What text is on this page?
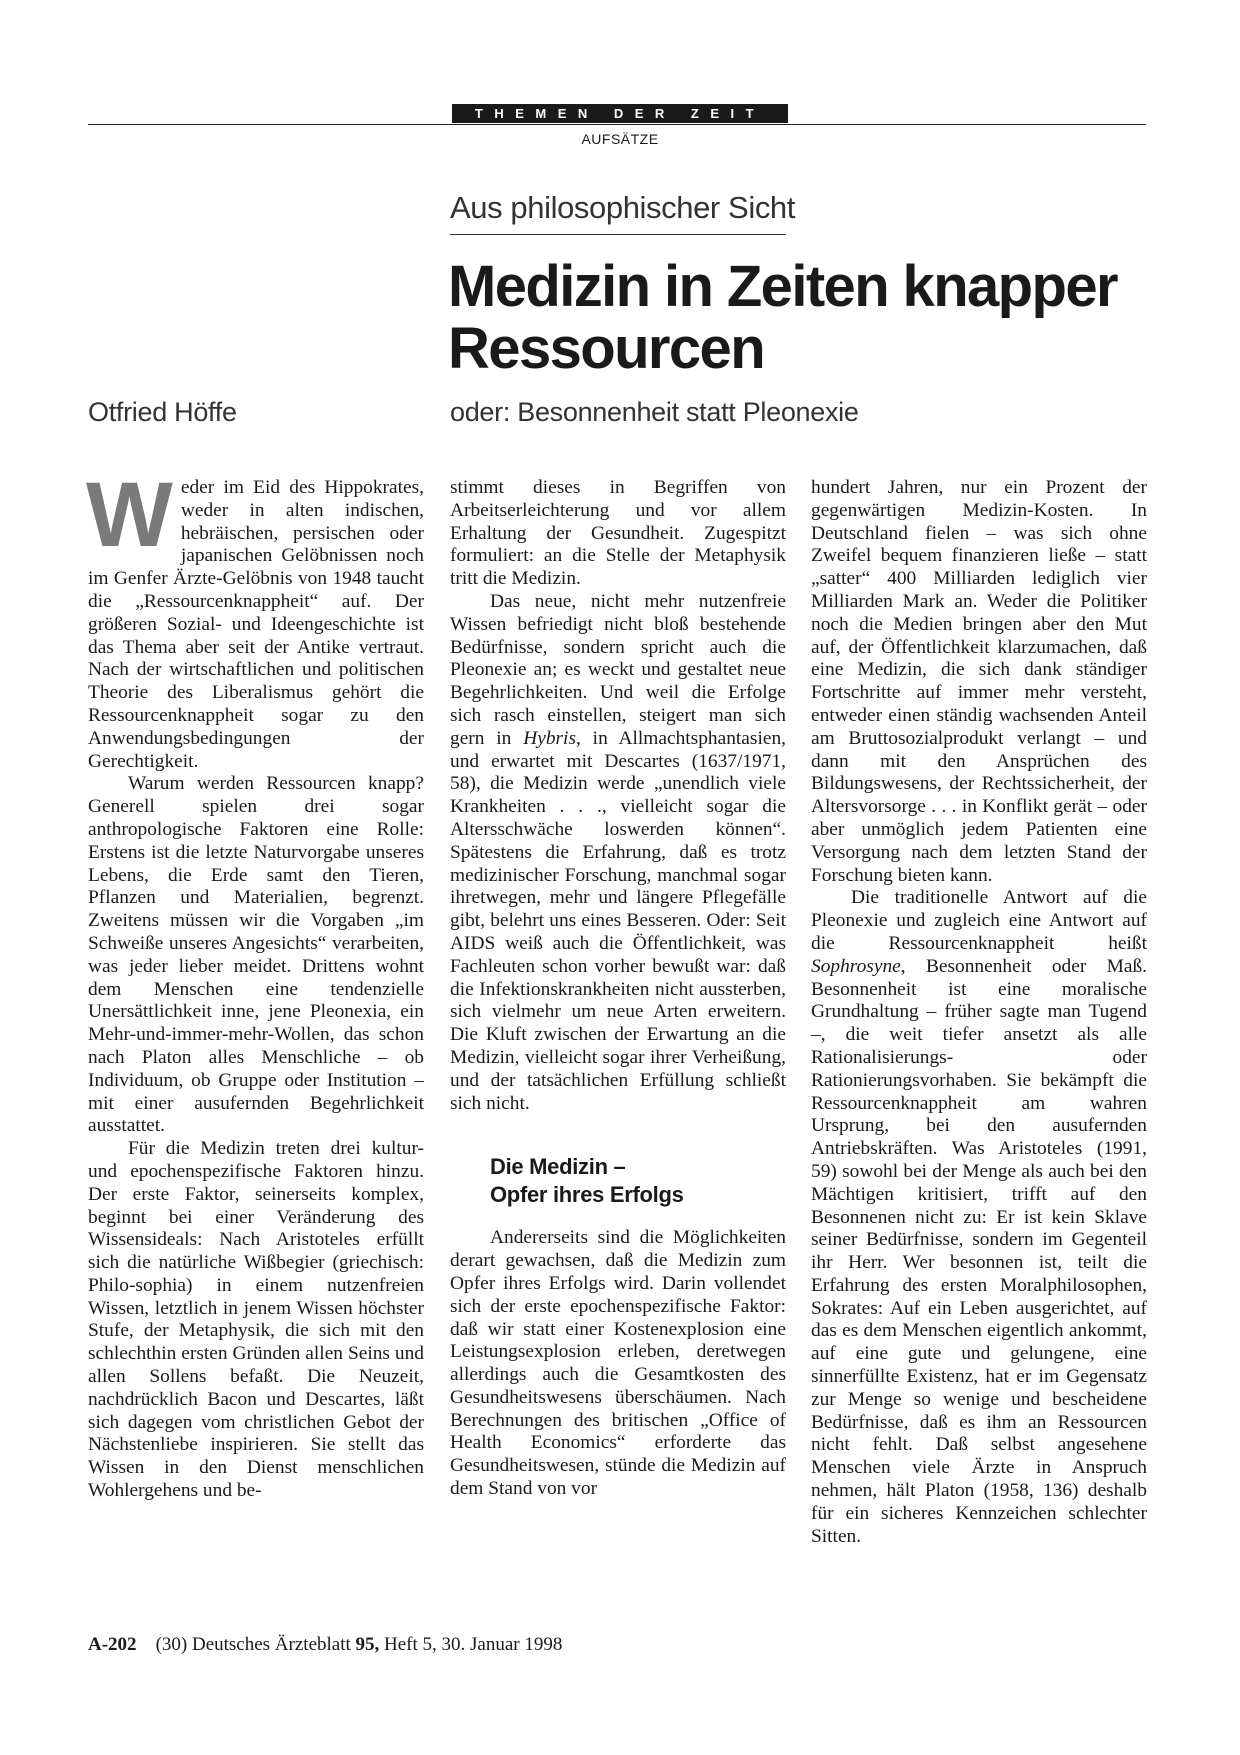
THEMEN DER ZEIT
AUFSÄTZE
Aus philosophischer Sicht
Medizin in Zeiten knapper
Ressourcen
oder: Besonnenheit statt Pleonexie
Otfried Höffe

Weder im Eid des Hippokrates, weder in alten indischen, hebräischen, persischen oder japanischen Gelöbnissen noch im Genfer Ärzte-Gelöbnis von 1948 taucht die „Ressourcenknappheit“ auf. Der größeren Sozial- und Ideengeschichte ist das Thema aber seit der Antike vertraut. Nach der wirtschaftlichen und politischen Theorie des Liberalismus gehört die Ressourcenknappheit sogar zu den Anwendungsbedingungen der Gerechtigkeit.

Warum werden Ressourcen knapp? Generell spielen drei sogar anthropologische Faktoren eine Rolle: Erstens ist die letzte Naturvorgabe unseres Lebens, die Erde samt den Tieren, Pflanzen und Materialien, begrenzt. Zweitens müssen wir die Vorgaben „im Schweiße unseres Angesichts“ verarbeiten, was jeder lieber meidet. Drittens wohnt dem Menschen eine tendenzielle Unersättlichkeit inne, jene Pleonexia, ein Mehr-und-immer-mehr-Wollen, das schon nach Platon alles Menschliche – ob Individuum, ob Gruppe oder Institution – mit einer ausufernden Begehrlichkeit ausstattet.

Für die Medizin treten drei kultur- und epochenspezifische Faktoren hinzu. Der erste Faktor, seinerseits komplex, beginnt bei einer Veränderung des Wissensideals: Nach Aristoteles erfüllt sich die natürliche Wißbegier (griechisch: Philo-sophia) in einem nutzenfreien Wissen, letztlich in jenem Wissen höchster Stufe, der Metaphysik, die sich mit den schlechthin ersten Gründen allen Seins und allen Sollens befaßt. Die Neuzeit, nachdrücklich Bacon und Descartes, läßt sich dagegen vom christlichen Gebot der Nächstenliebe inspirieren. Sie stellt das Wissen in den Dienst menschlichen Wohlergehens und be-

stimmt dieses in Begriffen von Arbeitserleichterung und vor allem Erhaltung der Gesundheit. Zugespitzt formuliert: an die Stelle der Metaphysik tritt die Medizin.

Das neue, nicht mehr nutzenfreie Wissen befriedigt nicht bloß bestehende Bedürfnisse, sondern spricht auch die Pleonexie an; es weckt und gestaltet neue Begehrlichkeiten. Und weil die Erfolge sich rasch einstellen, steigert man sich gern in Hybris, in Allmachtsphantasien, und erwartet mit Descartes (1637/1971, 58), die Medizin werde „unendlich viele Krankheiten . . ., vielleicht sogar die Altersschwäche loswerden können“. Spätestens die Erfahrung, daß es trotz medizinischer Forschung, manchmal sogar ihretwegen, mehr und längere Pflegefälle gibt, belehrt uns eines Besseren. Oder: Seit AIDS weiß auch die Öffentlichkeit, was Fachleuten schon vorher bewußt war: daß die Infektionskrankheiten nicht aussterben, sich vielmehr um neue Arten erweitern. Die Kluft zwischen der Erwartung an die Medizin, vielleicht sogar ihrer Verheißung, und der tatsächlichen Erfüllung schließt sich nicht.

Die Medizin –
Opfer ihres Erfolgs

Andererseits sind die Möglichkeiten derart gewachsen, daß die Medizin zum Opfer ihres Erfolgs wird. Darin vollendet sich der erste epochenspezifische Faktor: daß wir statt einer Kostenexplosion eine Leistungsexplosion erleben, deretwegen allerdings auch die Gesamtkosten des Gesundheitswesens überschäumen. Nach Berechnungen des britischen „Office of Health Economics“ erforderte das Gesundheitswesen, stünde die Medizin auf dem Stand von vor

hundert Jahren, nur ein Prozent der gegenwärtigen Medizin-Kosten. In Deutschland fielen – was sich ohne Zweifel bequem finanzieren ließe – statt „satter“ 400 Milliarden lediglich vier Milliarden Mark an. Weder die Politiker noch die Medien bringen aber den Mut auf, der Öffentlichkeit klarzumachen, daß eine Medizin, die sich dank ständiger Fortschritte auf immer mehr versteht, entweder einen ständig wachsenden Anteil am Bruttosozialprodukt verlangt – und dann mit den Ansprüchen des Bildungswesens, der Rechtssicherheit, der Altersvorsorge . . . in Konflikt gerät – oder aber unmöglich jedem Patienten eine Versorgung nach dem letzten Stand der Forschung bieten kann.

Die traditionelle Antwort auf die Pleonexie und zugleich eine Antwort auf die Ressourcenknappheit heißt Sophrosyne, Besonnenheit oder Maß. Besonnenheit ist eine moralische Grundhaltung – früher sagte man Tugend –, die weit tiefer ansetzt als alle Rationalisierungs- oder Rationierungsvorhaben. Sie bekämpft die Ressourcenknappheit am wahren Ursprung, bei den ausufernden Antriebskräften. Was Aristoteles (1991, 59) sowohl bei der Menge als auch bei den Mächtigen kritisiert, trifft auf den Besonnenen nicht zu: Er ist kein Sklave seiner Bedürfnisse, sondern im Gegenteil ihr Herr. Wer besonnen ist, teilt die Erfahrung des ersten Moralphilosophen, Sokrates: Auf ein Leben ausgerichtet, auf das es dem Menschen eigentlich ankommt, auf eine gute und gelungene, eine sinnerfüllte Existenz, hat er im Gegensatz zur Menge so wenige und bescheidene Bedürfnisse, daß es ihm an Ressourcen nicht fehlt. Daß selbst angesehene Menschen viele Ärzte in Anspruch nehmen, hält Platon (1958, 136) deshalb für ein sicheres Kennzeichen schlechter Sitten.

A-202 (30) Deutsches Ärzteblatt 95, Heft 5, 30. Januar 1998
